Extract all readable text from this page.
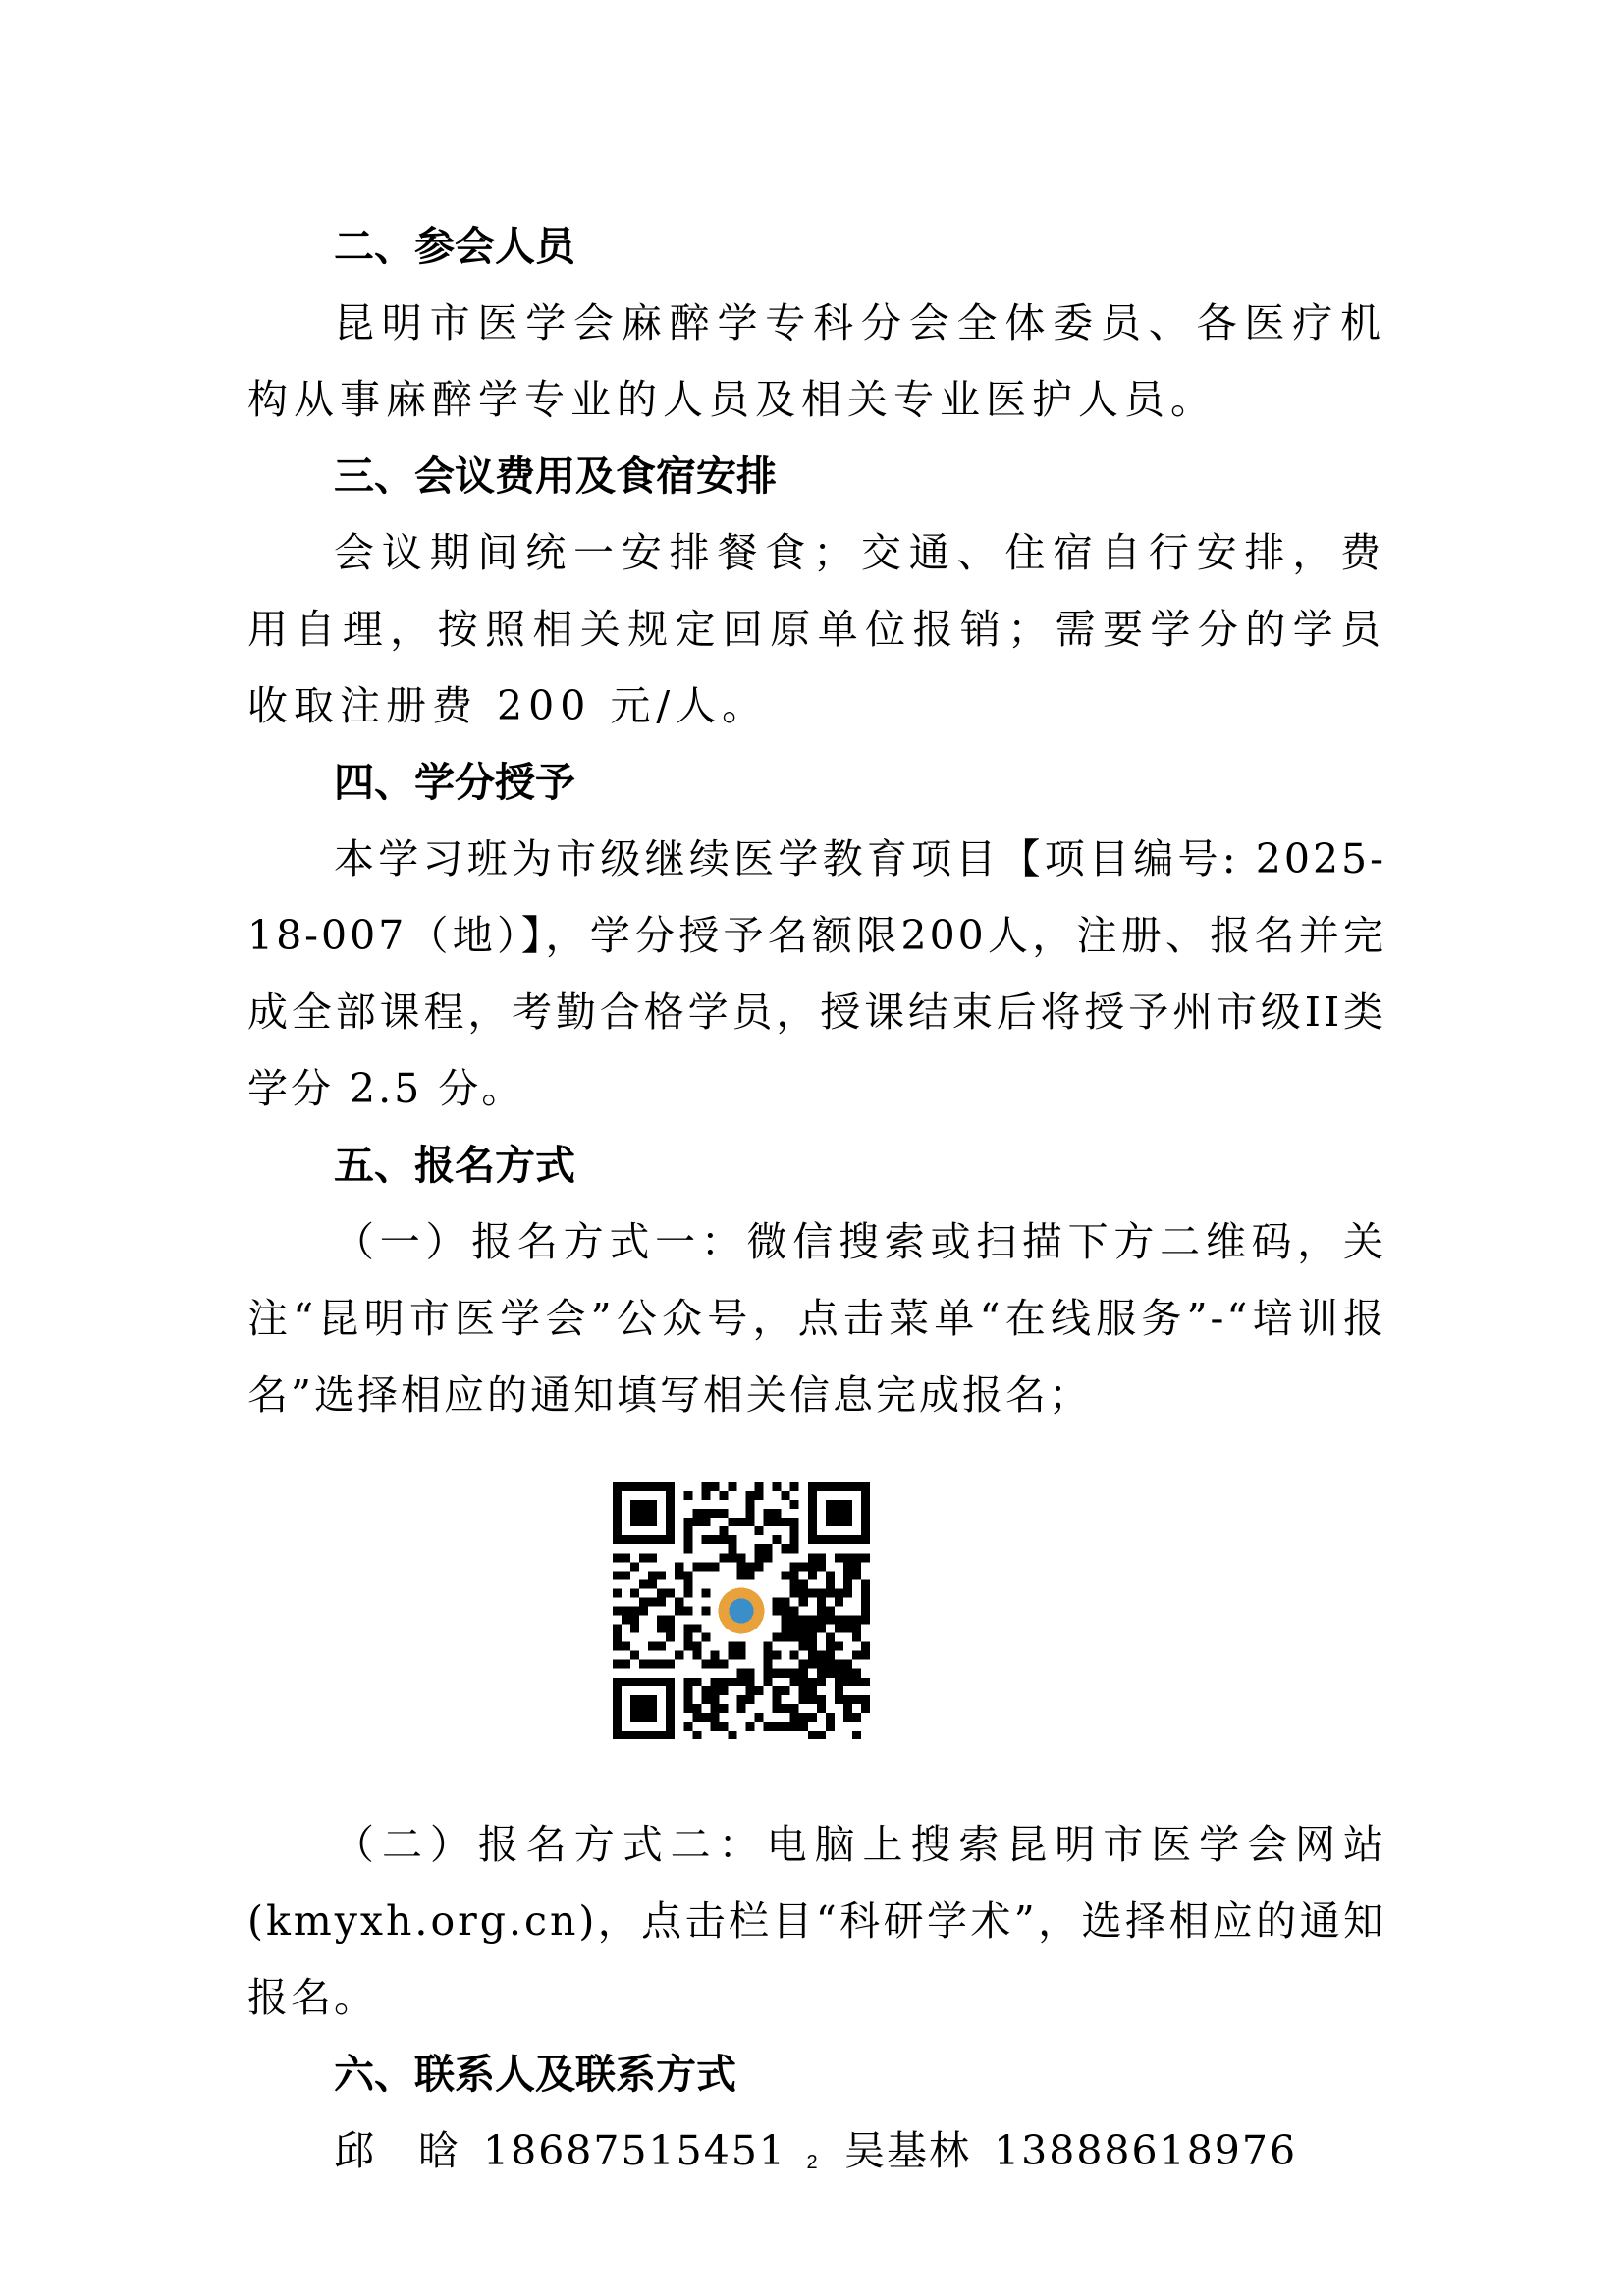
二、参会人员

昆明市医学会麻醉学专科分会全体委员、各医疗机构从事麻醉学专业的人员及相关专业医护人员。

三、会议费用及食宿安排

会议期间统一安排餐食；交通、住宿自行安排，费用自理，按照相关规定回原单位报销；需要学分的学员收取注册费 200 元/人。

四、学分授予

本学习班为市级继续医学教育项目【项目编号: 2025-18-007（地）】，学分授予名额限200人，注册、报名并完成全部课程，考勤合格学员，授课结束后将授予州市级II类学分 2.5 分。

五、报名方式

（一）报名方式一：微信搜索或扫描下方二维码，关注“昆明市医学会”公众号，点击菜单“在线服务”-“培训报名”选择相应的通知填写相关信息完成报名；

（二）报名方式二：电脑上搜索昆明市医学会网站(kmyxh.org.cn)，点击栏目“科研学术”，选择相应的通知报名。

六、联系人及联系方式

邱　晗 18687515451 吴基林 13888618976

2
